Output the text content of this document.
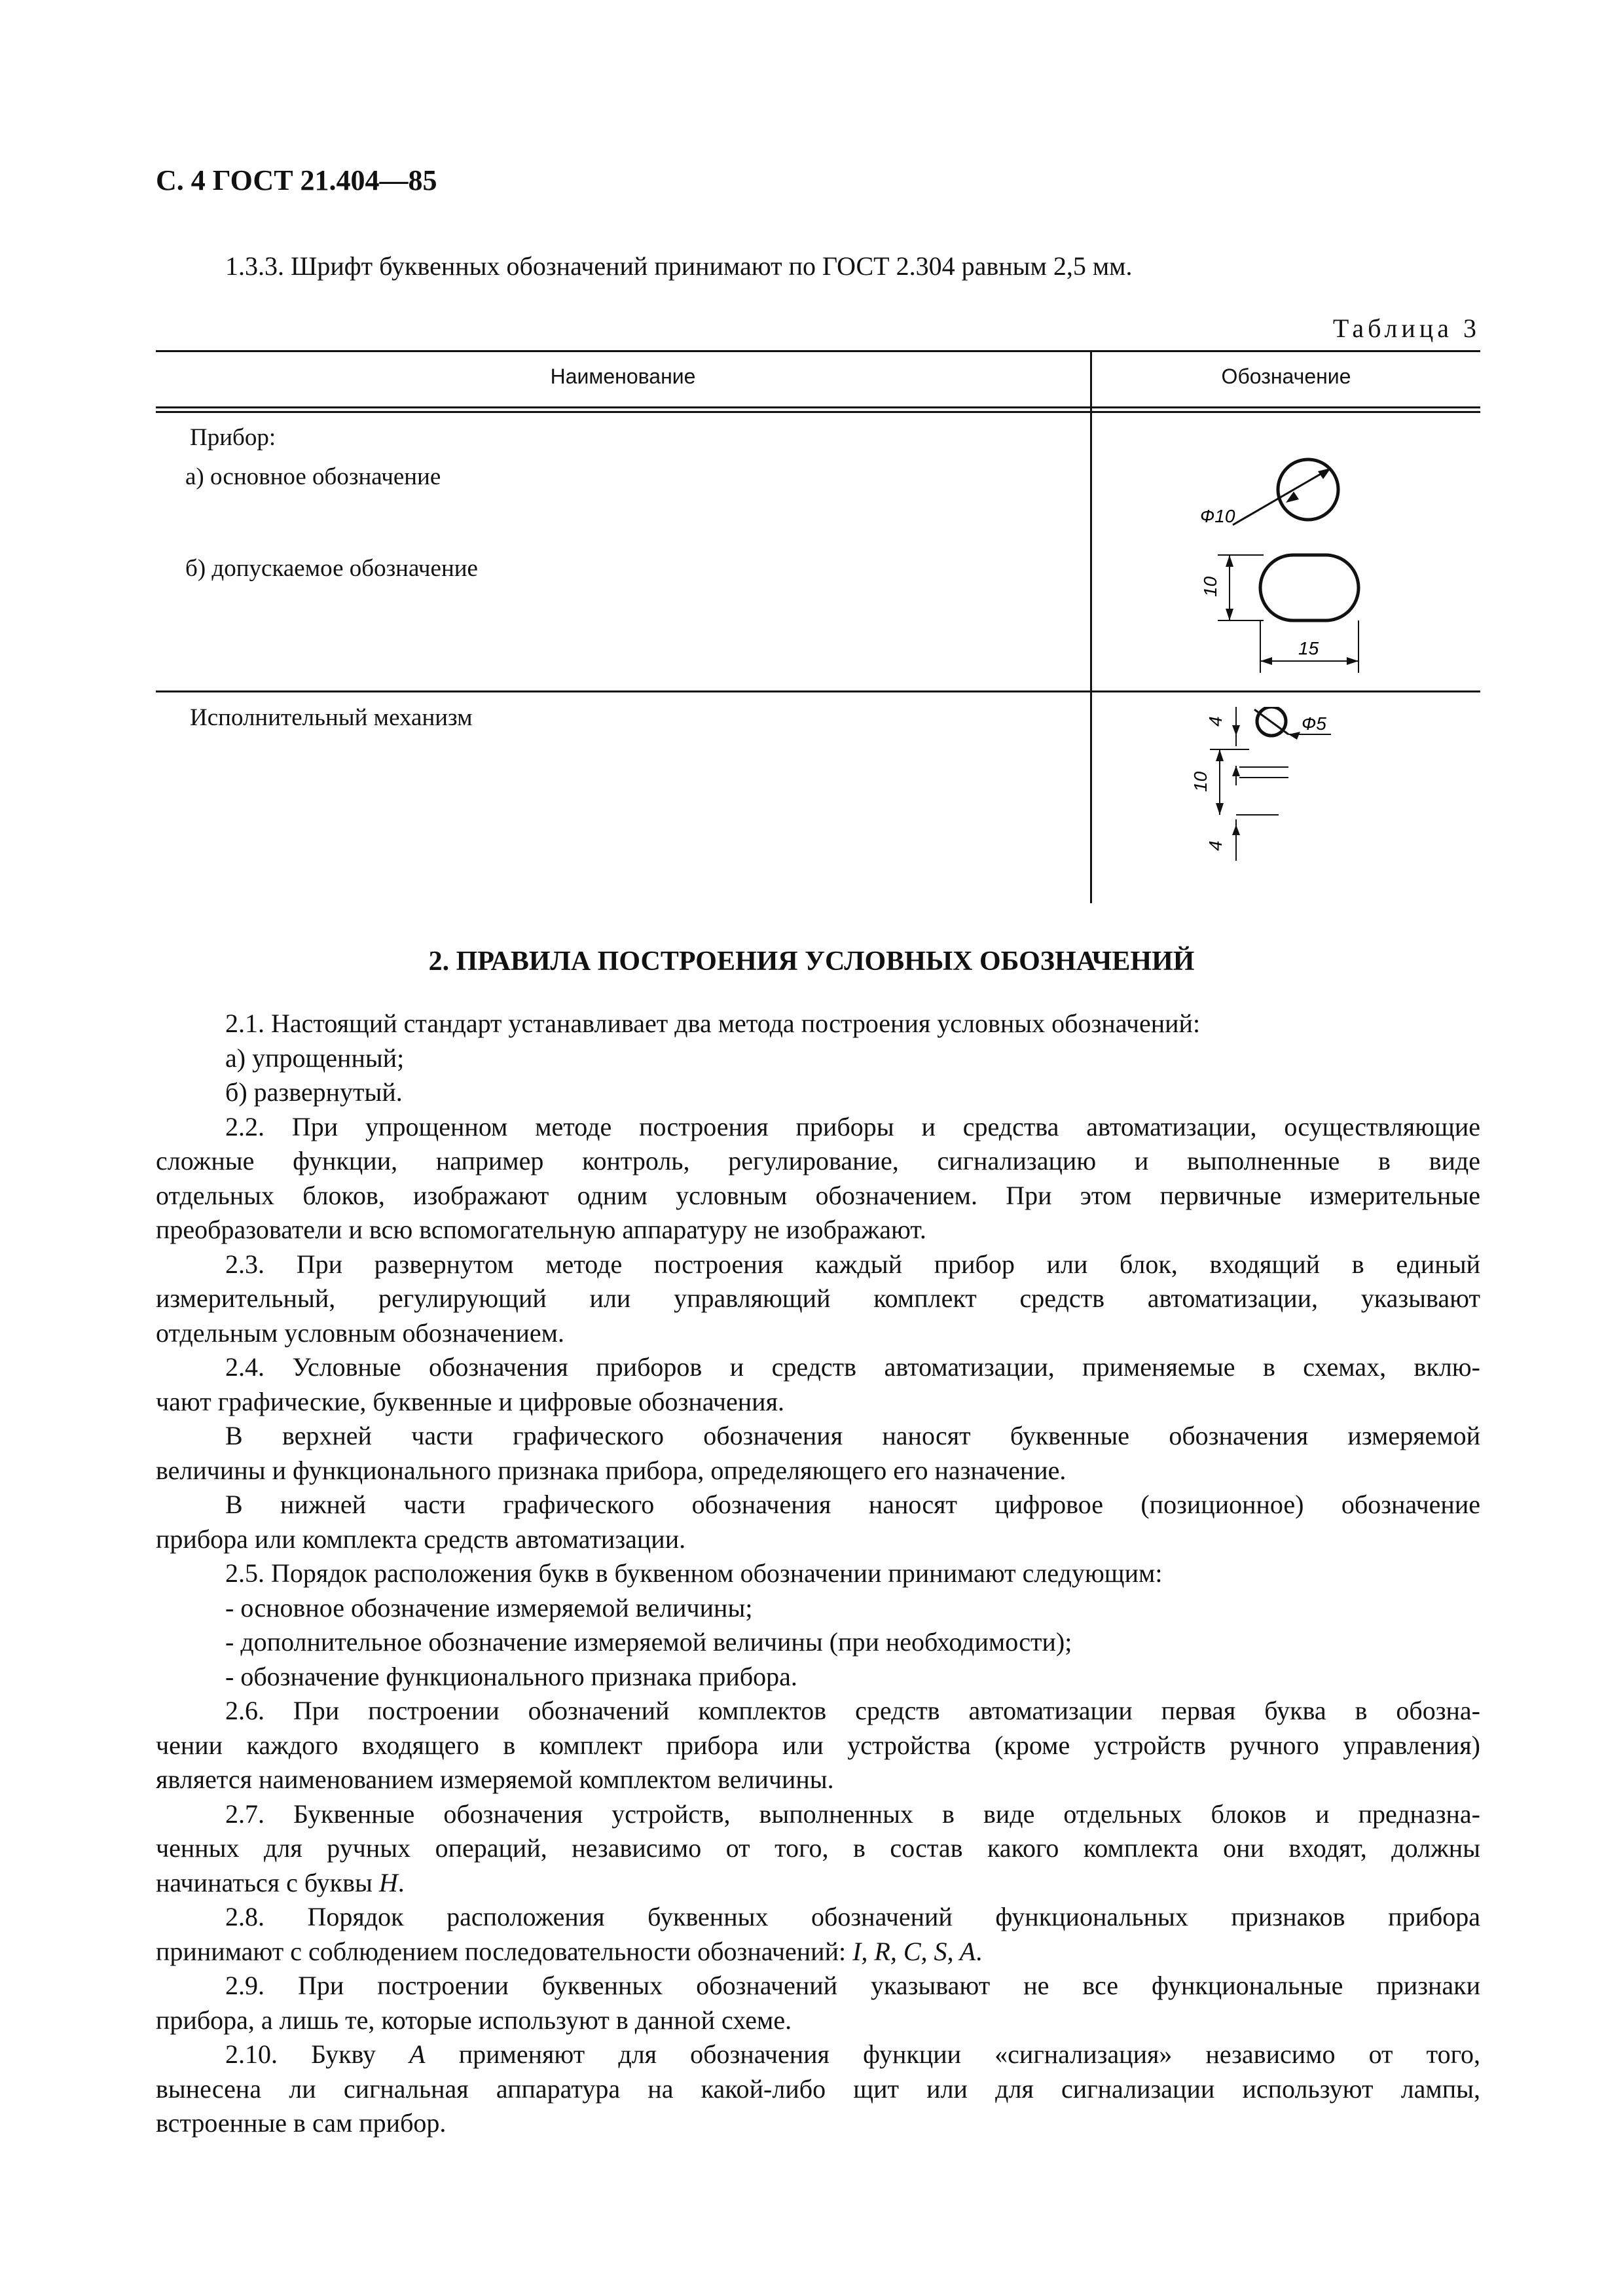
С. 4 ГОСТ 21.404—85
1.3.3. Шрифт буквенных обозначений принимают по ГОСТ 2.304 равным 2,5 мм.
Таблица 3
Наименование	Обозначение
Прибор:
а) основное обозначение
б) допускаемое обозначение
Исполнительный механизм
Ф10
10
15
Ф5
4
10
4
2. ПРАВИЛА ПОСТРОЕНИЯ УСЛОВНЫХ ОБОЗНАЧЕНИЙ

2.1. Настоящий стандарт устанавливает два метода построения условных обозначений:

а) упрощенный;

б) развернутый.

2.2. При упрощенном методе построения приборы и средства автоматизации, осуществляющие

сложные функции, например контроль, регулирование, сигнализацию и выполненные в виде

отдельных блоков, изображают одним условным обозначением. При этом первичные измерительные

преобразователи и всю вспомогательную аппаратуру не изображают.

2.3. При развернутом методе построения каждый прибор или блок, входящий в единый

измерительный, регулирующий или управляющий комплект средств автоматизации, указывают

отдельным условным обозначением.

2.4. Условные обозначения приборов и средств автоматизации, применяемые в схемах, вклю-

чают графические, буквенные и цифровые обозначения.

В верхней части графического обозначения наносят буквенные обозначения измеряемой

величины и функционального признака прибора, определяющего его назначение.

В нижней части графического обозначения наносят цифровое (позиционное) обозначение

прибора или комплекта средств автоматизации.

2.5. Порядок расположения букв в буквенном обозначении принимают следующим:

- основное обозначение измеряемой величины;

- дополнительное обозначение измеряемой величины (при необходимости);

- обозначение функционального признака прибора.

2.6. При построении обозначений комплектов средств автоматизации первая буква в обозна-

чении каждого входящего в комплект прибора или устройства (кроме устройств ручного управления)

является наименованием измеряемой комплектом величины.

2.7. Буквенные обозначения устройств, выполненных в виде отдельных блоков и предназна-

ченных для ручных операций, независимо от того, в состав какого комплекта они входят, должны

начинаться с буквы H.

2.8. Порядок расположения буквенных обозначений функциональных признаков прибора

принимают с соблюдением последовательности обозначений: I, R, C, S, A.

2.9. При построении буквенных обозначений указывают не все функциональные признаки

прибора, а лишь те, которые используют в данной схеме.

2.10. Букву A применяют для обозначения функции «сигнализация» независимо от того,

вынесена ли сигнальная аппаратура на какой-либо щит или для сигнализации используют лампы,

встроенные в сам прибор.
